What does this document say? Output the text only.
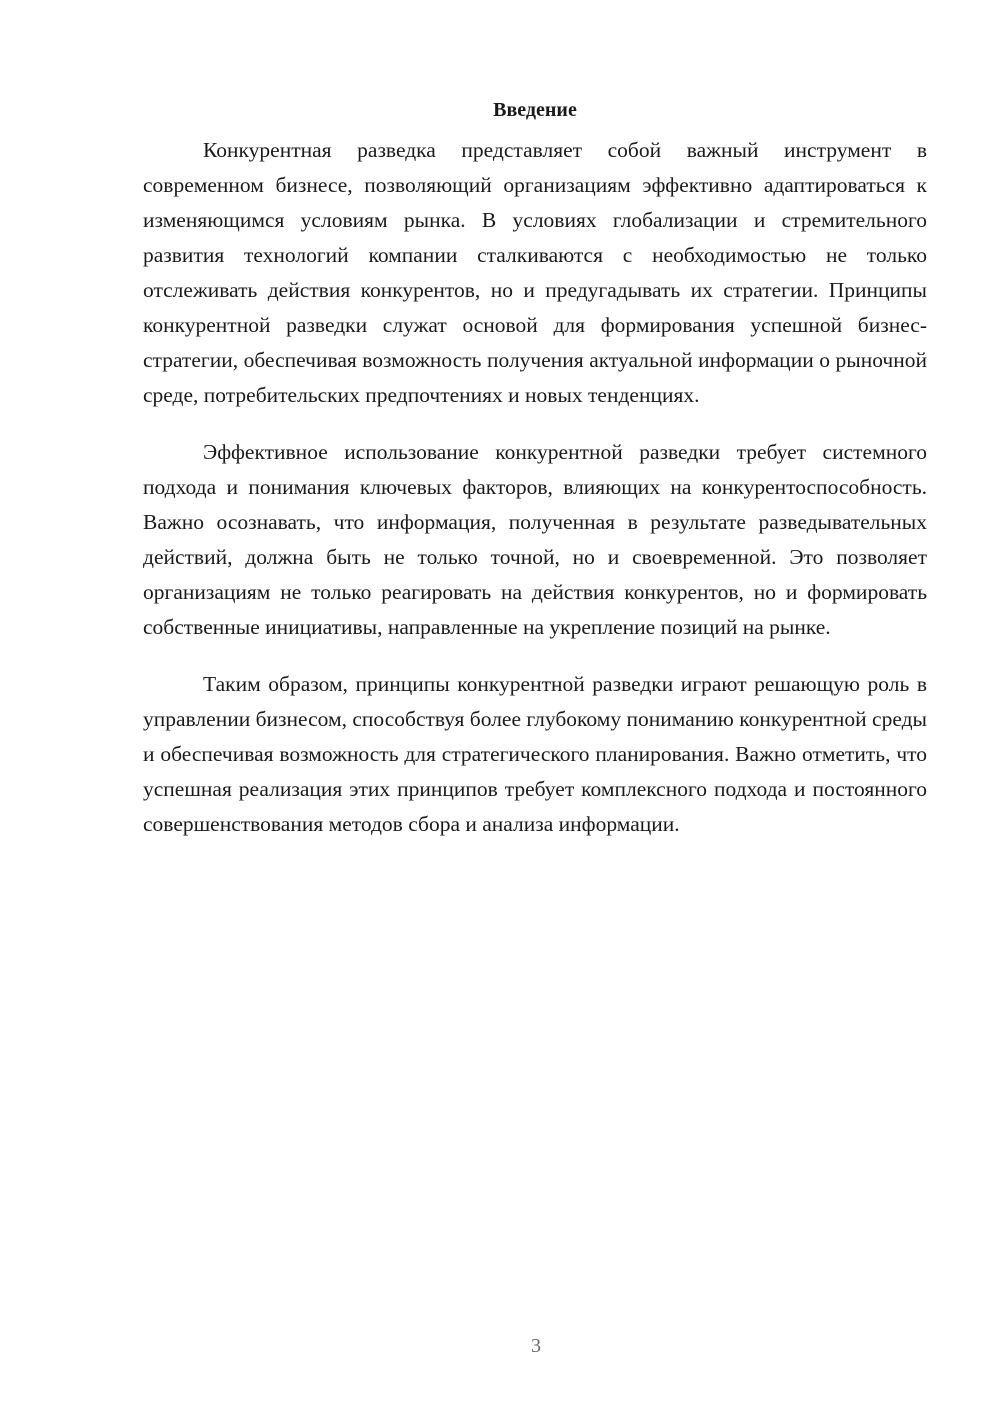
Введение

Конкурентная разведка представляет собой важный инструмент в современном бизнесе, позволяющий организациям эффективно адаптироваться к изменяющимся условиям рынка. В условиях глобализации и стремительного развития технологий компании сталкиваются с необходимостью не только отслеживать действия конкурентов, но и предугадывать их стратегии. Принципы конкурентной разведки служат основой для формирования успешной бизнес-стратегии, обеспечивая возможность получения актуальной информации о рыночной среде, потребительских предпочтениях и новых тенденциях.

Эффективное использование конкурентной разведки требует системного подхода и понимания ключевых факторов, влияющих на конкурентоспособность. Важно осознавать, что информация, полученная в результате разведывательных действий, должна быть не только точной, но и своевременной. Это позволяет организациям не только реагировать на действия конкурентов, но и формировать собственные инициативы, направленные на укрепление позиций на рынке.

Таким образом, принципы конкурентной разведки играют решающую роль в управлении бизнесом, способствуя более глубокому пониманию конкурентной среды и обеспечивая возможность для стратегического планирования. Важно отметить, что успешная реализация этих принципов требует комплексного подхода и постоянного совершенствования методов сбора и анализа информации.

3
